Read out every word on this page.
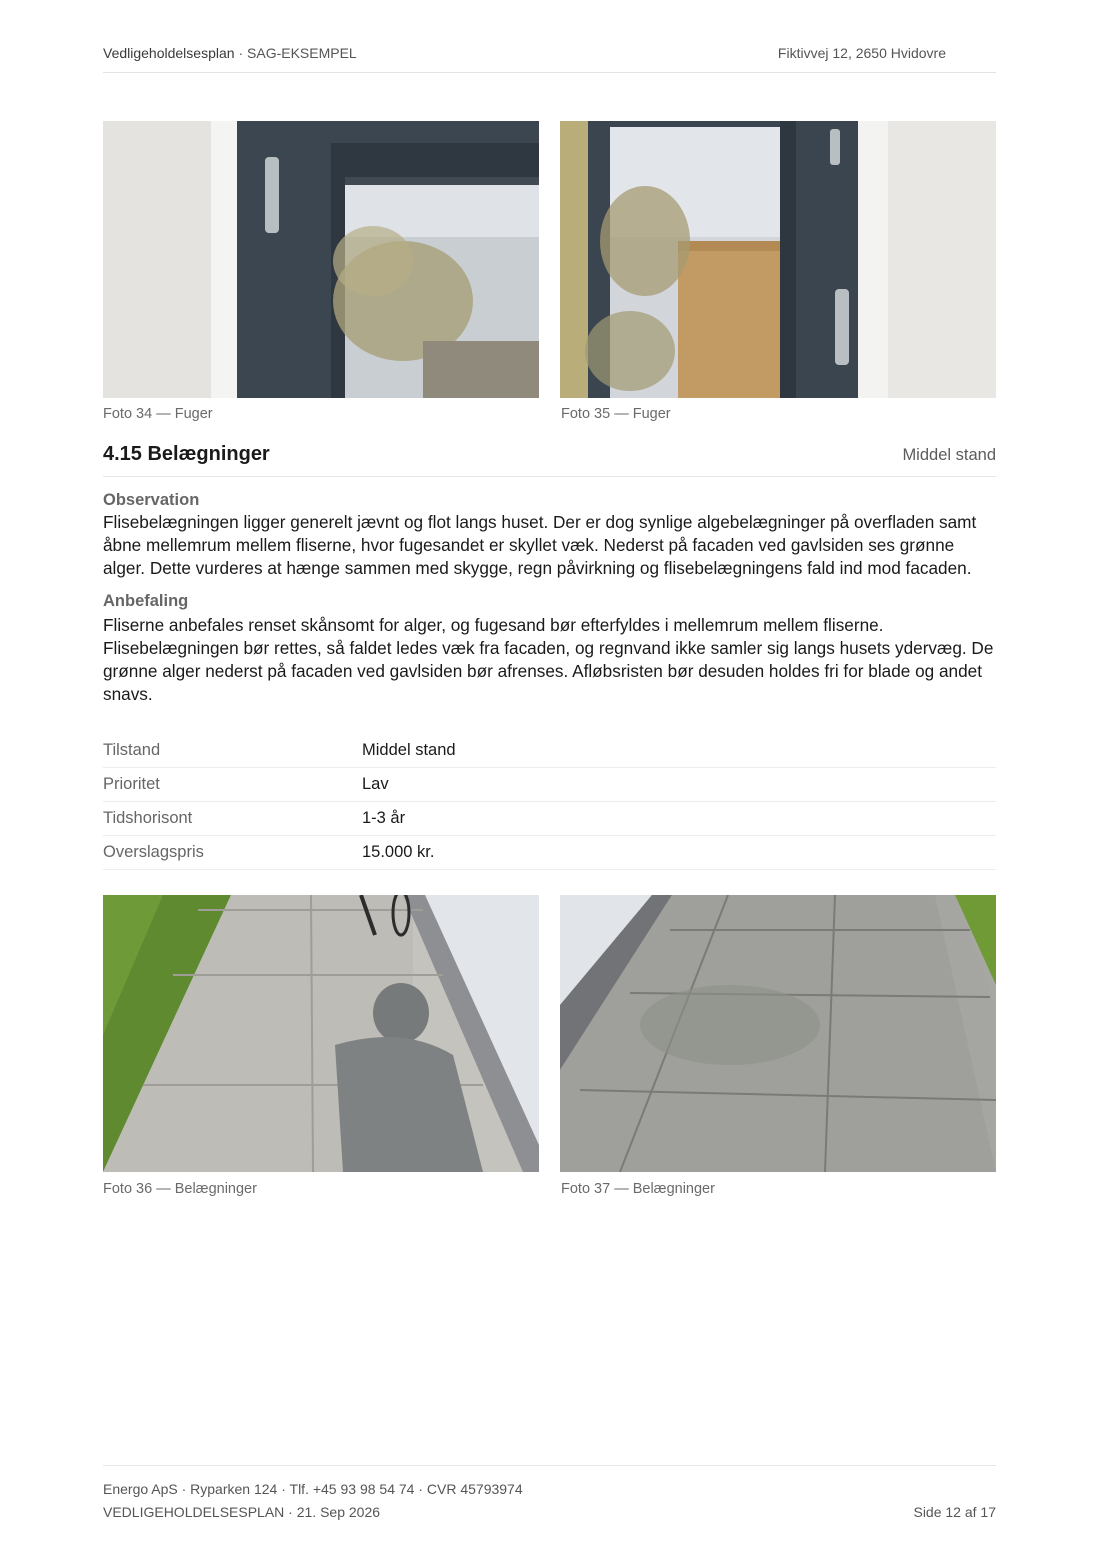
Vedligeholdelsesplan · SAG-EKSEMPEL	Fiktivvej 12, 2650 Hvidovre
Foto 34 — Fuger	Foto 35 — Fuger
4.15 Belægninger	Middel stand
Observation
Flisebelægningen ligger generelt jævnt og flot langs huset. Der er dog synlige algebelægninger på overfladen samt åbne mellemrum mellem fliserne, hvor fugesandet er skyllet væk. Nederst på facaden ved gavlsiden ses grønne alger. Dette vurderes at hænge sammen med skygge, regn påvirkning og flisebelægningens fald ind mod facaden.
Anbefaling
Fliserne anbefales renset skånsomt for alger, og fugesand bør efterfyldes i mellemrum mellem fliserne. Flisebelægningen bør rettes, så faldet ledes væk fra facaden, og regnvand ikke samler sig langs husets ydervæg. De grønne alger nederst på facaden ved gavlsiden bør afrenses. Afløbsristen bør desuden holdes fri for blade og andet snavs.
Tilstand	Middel stand
Prioritet	Lav
Tidshorisont	1-3 år
Overslagspris	15.000 kr.
Foto 36 — Belægninger	Foto 37 — Belægninger
Energo ApS · Ryparken 124 · Tlf. +45 93 98 54 74 · CVR 45793974
VEDLIGEHOLDELSESPLAN · 21. Sep 2026	Side 12 af 17
